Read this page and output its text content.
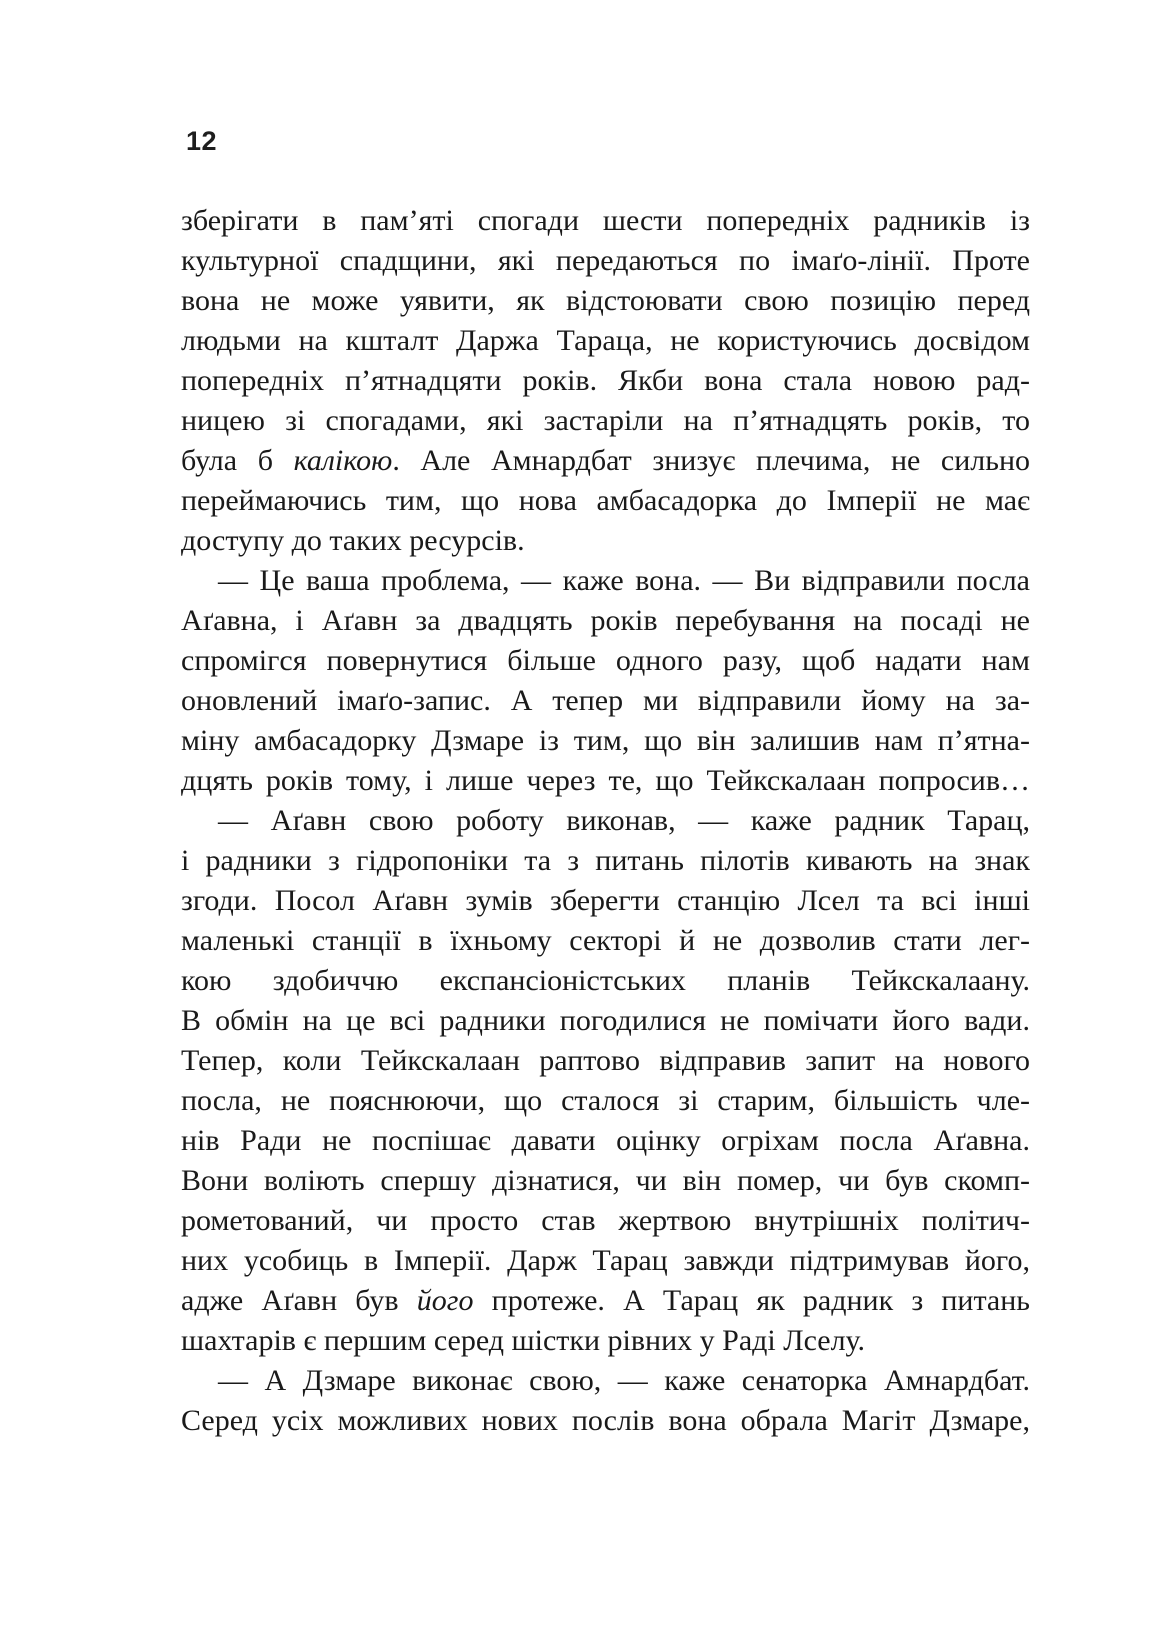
12
зберігати в пам’яті спогади шести попередніх радників із
культурної спадщини, які передаються по імаґо-лінії. Проте
вона не може уявити, як відстоювати свою позицію перед
людьми на кшталт Даржа Тараца, не користуючись досвідом
попередніх п’ятнадцяти років. Якби вона стала новою рад-
ницею зі спогадами, які застаріли на п’ятнадцять років, то
була б калікою. Але Амнардбат знизує плечима, не сильно
переймаючись тим, що нова амбасадорка до Імперії не має
доступу до таких ресурсів.
— Це ваша проблема, — каже вона. — Ви відправили посла
Аґавна, і Аґавн за двадцять років перебування на посаді не
спромігся повернутися більше одного разу, щоб надати нам
оновлений імаґо-запис. А тепер ми відправили йому на за-
міну амбасадорку Дзмаре із тим, що він залишив нам п’ятна-
дцять років тому, і лише через те, що Тейкскалаан попросив…
— Аґавн свою роботу виконав, — каже радник Тарац,
і радники з гідропоніки та з питань пілотів кивають на знак
згоди. Посол Аґавн зумів зберегти станцію Лсел та всі інші
маленькі станції в їхньому секторі й не дозволив стати лег-
кою здобиччю експансіоністських планів Тейкскалаану.
В обмін на це всі радники погодилися не помічати його вади.
Тепер, коли Тейкскалаан раптово відправив запит на нового
посла, не пояснюючи, що сталося зі старим, більшість чле-
нів Ради не поспішає давати оцінку огріхам посла Аґавна.
Вони воліють спершу дізнатися, чи він помер, чи був скомп-
рометований, чи просто став жертвою внутрішніх політич-
них усобиць в Імперії. Дарж Тарац завжди підтримував його,
адже Аґавн був його протеже. А Тарац як радник з питань
шахтарів є першим серед шістки рівних у Раді Лселу.
— А Дзмаре виконає свою, — каже сенаторка Амнардбат.
Серед усіх можливих нових послів вона обрала Магіт Дзмаре,
